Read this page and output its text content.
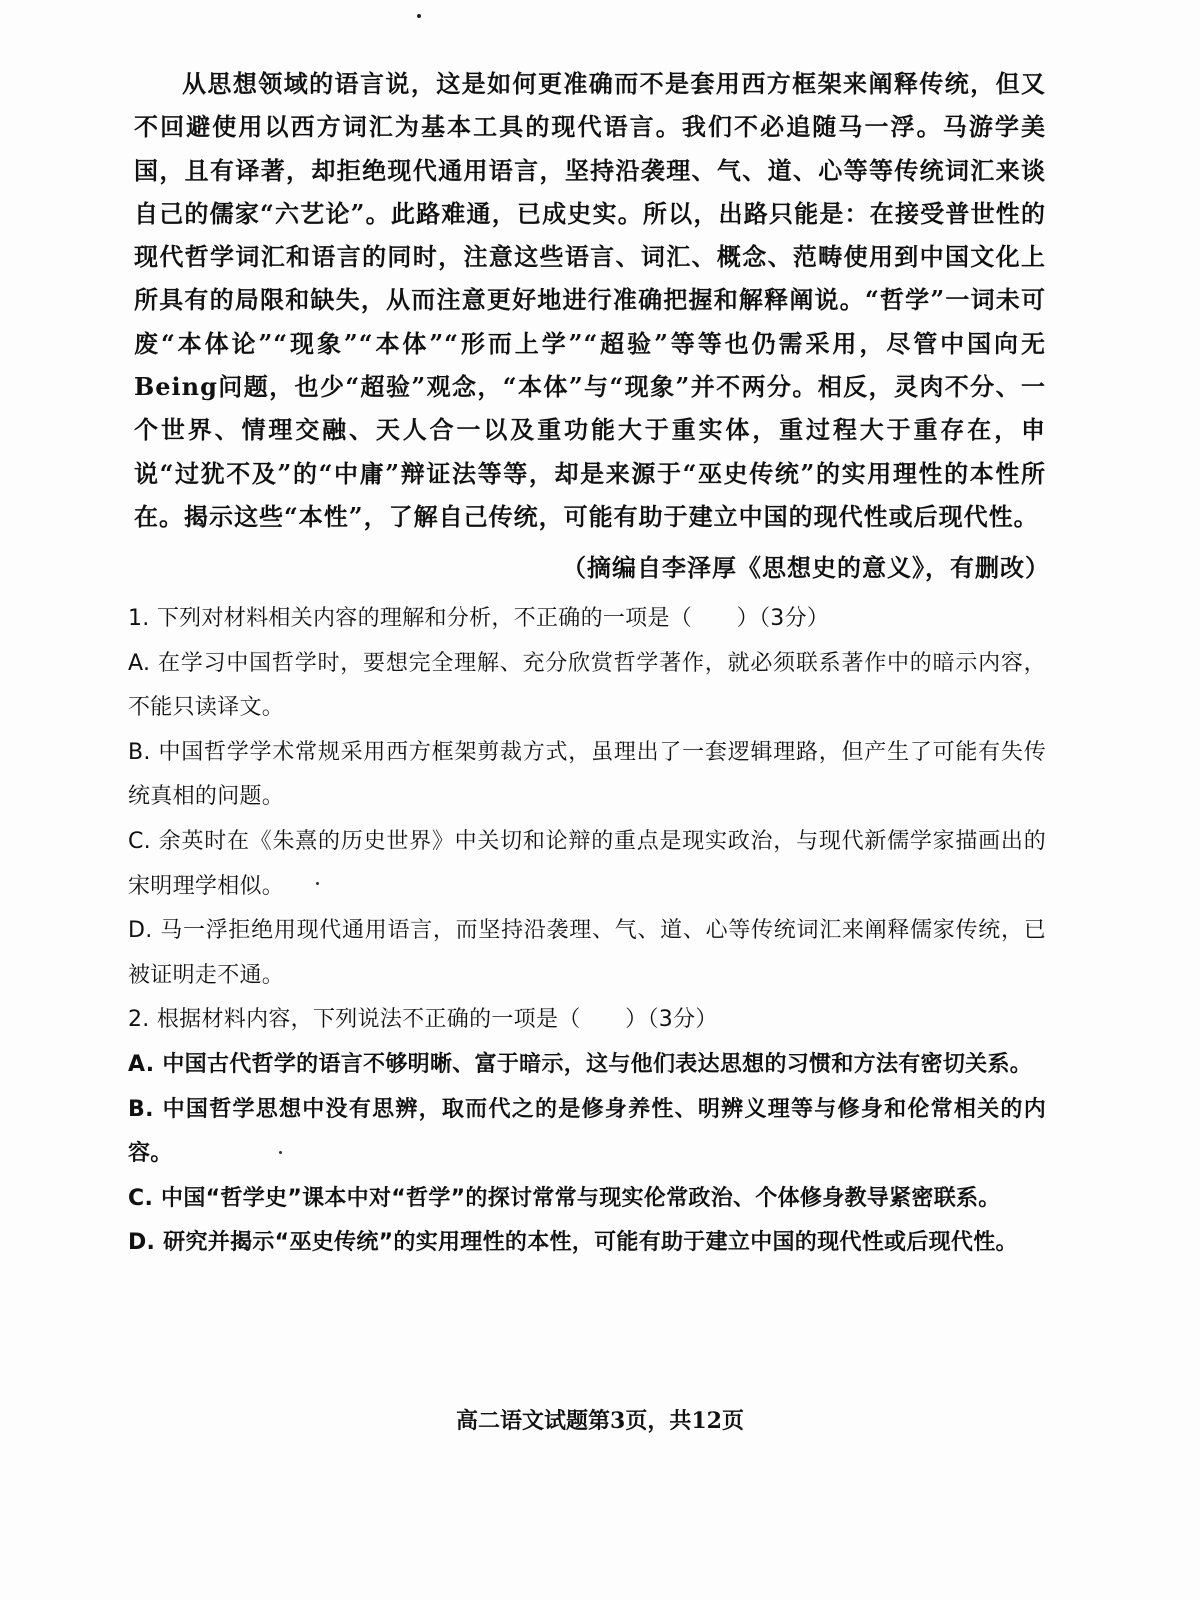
从思想领域的语言说，这是如何更准确而不是套用西方框架来阐释传统，但又不回避使用以西方词汇为基本工具的现代语言。我们不必追随马一浮。马游学美国，且有译著，却拒绝现代通用语言，坚持沿袭理、气、道、心等等传统词汇来谈自己的儒家“六艺论”。此路难通，已成史实。所以，出路只能是：在接受普世性的现代哲学词汇和语言的同时，注意这些语言、词汇、概念、范畴使用到中国文化上所具有的局限和缺失，从而注意更好地进行准确把握和解释阐说。“哲学”一词未可废“本体论”“现象”“本体”“形而上学”“超验”等等也仍需采用，尽管中国向无Being问题，也少“超验”观念，“本体”与“现象”并不两分。相反，灵肉不分、一个世界、情理交融、天人合一以及重功能大于重实体，重过程大于重存在，申说“过犹不及”的“中庸”辩证法等等，却是来源于“巫史传统”的实用理性的本性所在。揭示这些“本性”，了解自己传统，可能有助于建立中国的现代性或后现代性。

（摘编自李泽厚《思想史的意义》，有删改）

1. 下列对材料相关内容的理解和分析，不正确的一项是（　　）（3分）

A. 在学习中国哲学时，要想完全理解、充分欣赏哲学著作，就必须联系著作中的暗示内容，不能只读译文。

B. 中国哲学学术常规采用西方框架剪裁方式，虽理出了一套逻辑理路，但产生了可能有失传统真相的问题。

C. 余英时在《朱熹的历史世界》中关切和论辩的重点是现实政治，与现代新儒学家描画出的宋明理学相似。

D. 马一浮拒绝用现代通用语言，而坚持沿袭理、气、道、心等传统词汇来阐释儒家传统，已被证明走不通。

2. 根据材料内容，下列说法不正确的一项是（　　）（3分）

A. 中国古代哲学的语言不够明晰、富于暗示，这与他们表达思想的习惯和方法有密切关系。

B. 中国哲学思想中没有思辨，取而代之的是修身养性、明辨义理等与修身和伦常相关的内容。

C. 中国“哲学史”课本中对“哲学”的探讨常常与现实伦常政治、个体修身教导紧密联系。

D. 研究并揭示“巫史传统”的实用理性的本性，可能有助于建立中国的现代性或后现代性。

高二语文试题第3页，共12页
